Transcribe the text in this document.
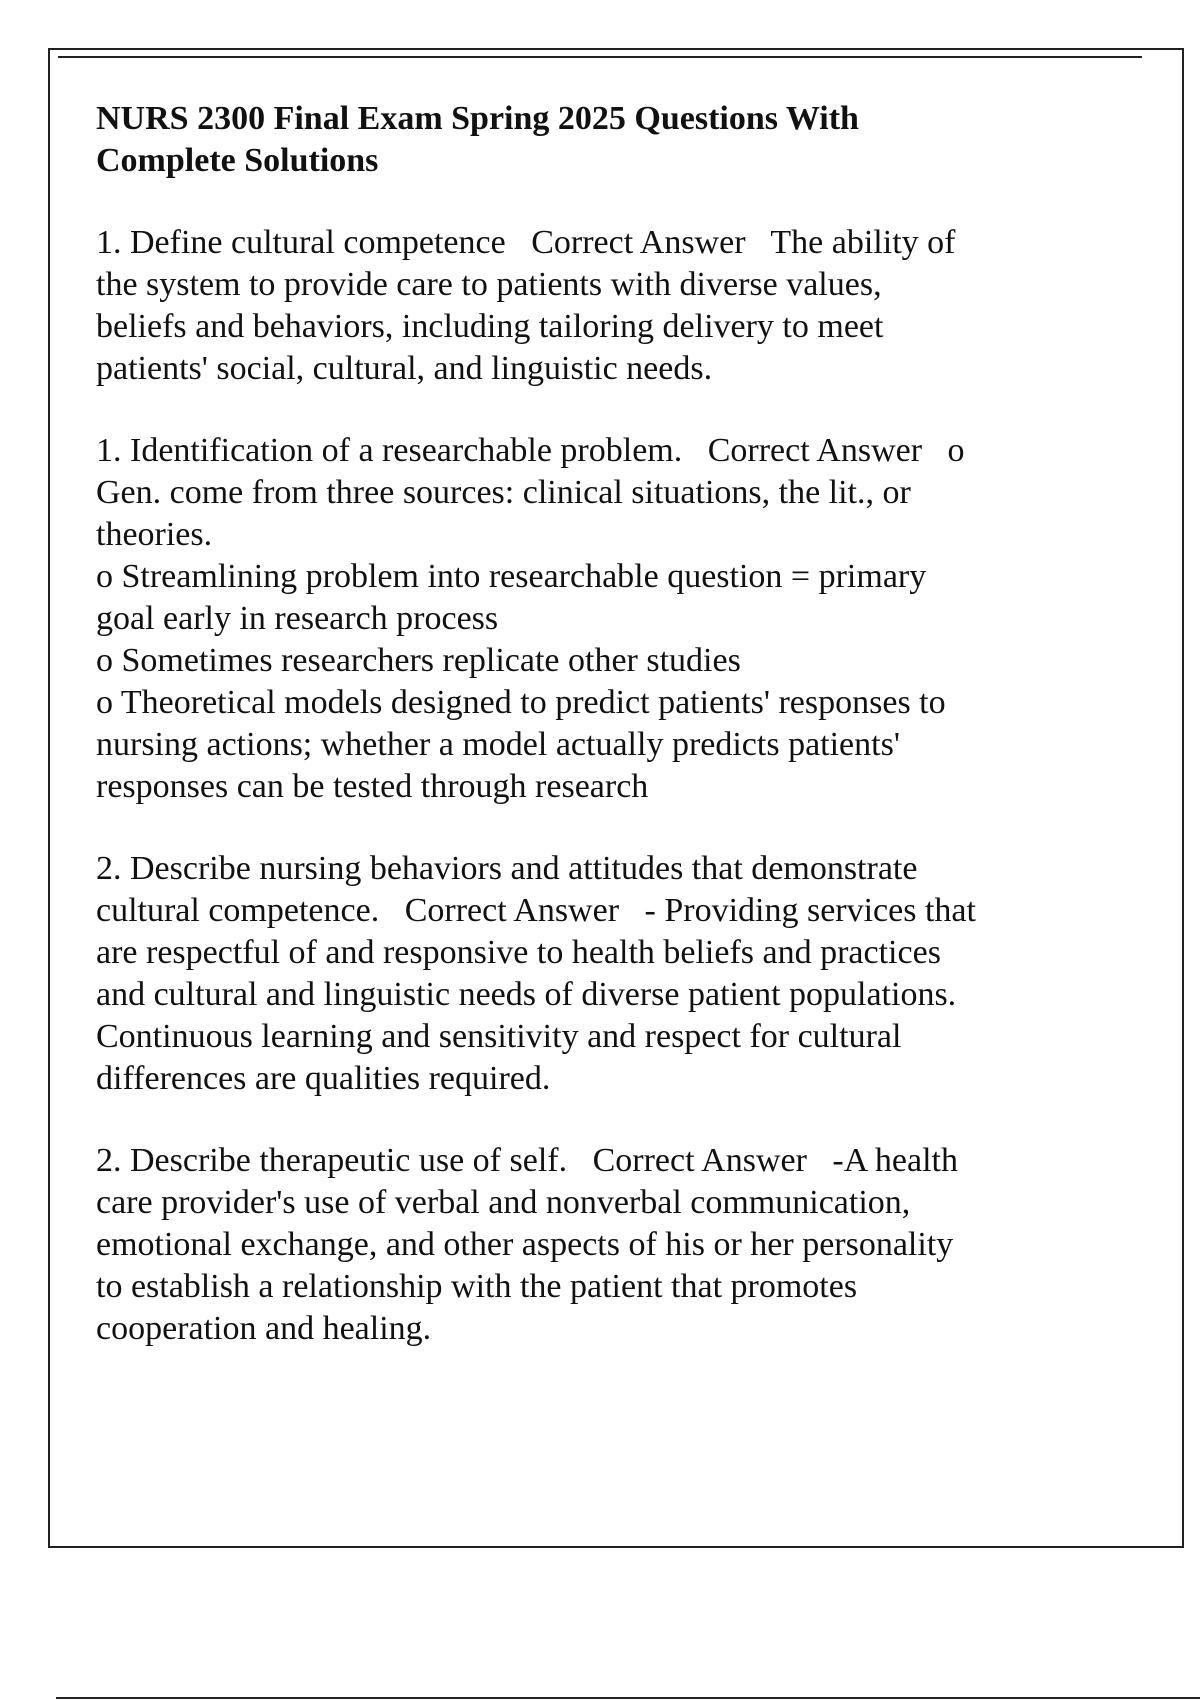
NURS 2300 Final Exam Spring 2025 Questions With
Complete Solutions
1. Define cultural competence   Correct Answer   The ability of
the system to provide care to patients with diverse values,
beliefs and behaviors, including tailoring delivery to meet
patients' social, cultural, and linguistic needs.
1. Identification of a researchable problem.   Correct Answer   o
Gen. come from three sources: clinical situations, the lit., or
theories.
o Streamlining problem into researchable question = primary
goal early in research process
o Sometimes researchers replicate other studies
o Theoretical models designed to predict patients' responses to
nursing actions; whether a model actually predicts patients'
responses can be tested through research
2. Describe nursing behaviors and attitudes that demonstrate
cultural competence.   Correct Answer   - Providing services that
are respectful of and responsive to health beliefs and practices
and cultural and linguistic needs of diverse patient populations.
Continuous learning and sensitivity and respect for cultural
differences are qualities required.
2. Describe therapeutic use of self.   Correct Answer   -A health
care provider's use of verbal and nonverbal communication,
emotional exchange, and other aspects of his or her personality
to establish a relationship with the patient that promotes
cooperation and healing.
